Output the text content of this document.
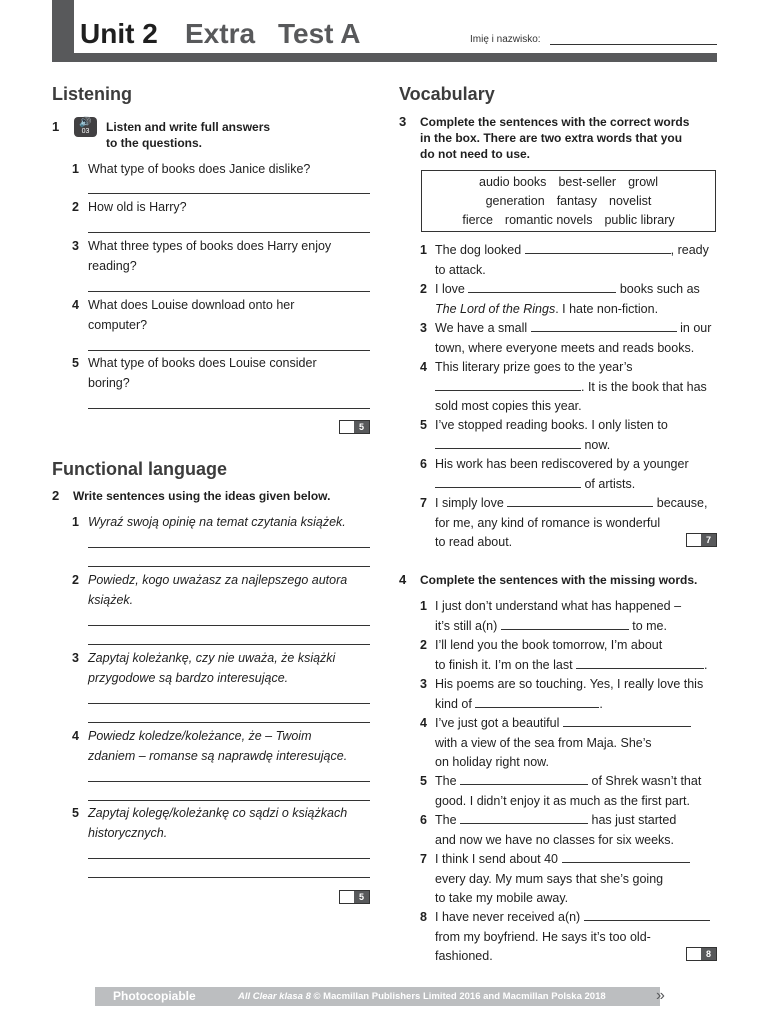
Unit 2 Extra Test A	Imię i nazwisko:
Listening
1	🔊
03	Listen and write full answers
to the questions.
1 What type of books does Janice dislike?
2 How old is Harry?
3 What three types of books does Harry enjoy
reading?
4 What does Louise download onto her
computer?
5 What type of books does Louise consider
boring?
5
Functional language
2 Write sentences using the ideas given below.
1 Wyraź swoją opinię na temat czytania książek.
2 Powiedz, kogo uważasz za najlepszego autora
książek.
3 Zapytaj koleżankę, czy nie uważa, że książki
przygodowe są bardzo interesujące.
4 Powiedz koledze/koleżance, że – Twoim
zdaniem – romanse są naprawdę interesujące.
5 Zapytaj kolegę/koleżankę co sądzi o książkach
historycznych.
5
Vocabulary
3 Complete the sentences with the correct words
in the box. There are two extra words that you
do not need to use.
audio books best-seller growl
generation fantasy novelist
fierce romantic novels public library
1 The dog looked	, ready
to attack.
2 I love	books such as
The Lord of the Rings. I hate non-fiction.
3 We have a small	in our
town, where everyone meets and reads books.
4 This literary prize goes to the year’s
. It is the book that has
sold most copies this year.
5 I’ve stopped reading books. I only listen to
now.
6 His work has been rediscovered by a younger
of artists.
7 I simply love	because,
for me, any kind of romance is wonderful
to read about.	7
4 Complete the sentences with the missing words.
1 I just don’t understand what has happened –
it’s still a(n)	to me.
2 I’ll lend you the book tomorrow, I’m about
to finish it. I’m on the last	.
3 His poems are so touching. Yes, I really love this
kind of	.
4 I’ve just got a beautiful
with a view of the sea from Maja. She’s
on holiday right now.
5 The	of Shrek wasn’t that
good. I didn’t enjoy it as much as the first part.
6 The	has just started
and now we have no classes for six weeks.
7 I think I send about 40
every day. My mum says that she’s going
to take my mobile away.
8 I have never received a(n)
from my boyfriend. He says it’s too old-
fashioned.	8
»
Photocopiable	All Clear klasa 8 © Macmillan Publishers Limited 2016 and Macmillan Polska 2018
